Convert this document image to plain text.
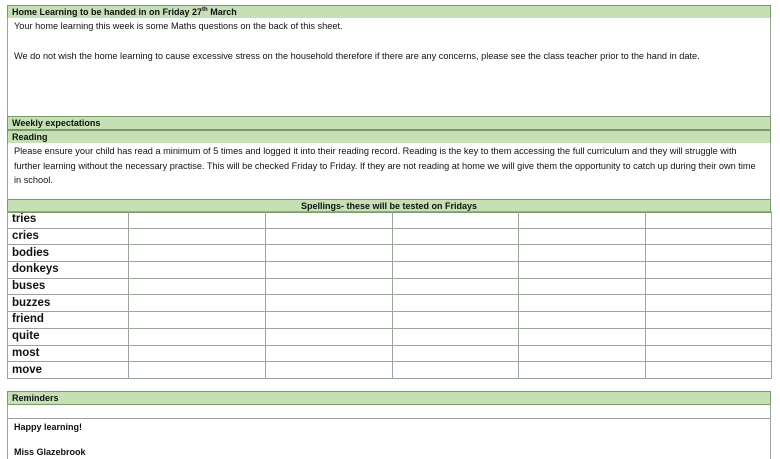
Home Learning to be handed in on Friday 27th March
Your home learning this week is some Maths questions on the back of this sheet.
We do not wish the home learning to cause excessive stress on the household therefore if there are any concerns, please see the class teacher prior to the hand in date.
Weekly expectations
Reading
Please ensure your child has read a minimum of 5 times and logged it into their reading record. Reading is the key to them accessing the full curriculum and they will struggle with further learning without the necessary practise. This will be checked Friday to Friday. If they are not reading at home we will give them the opportunity to catch up during their own time in school.
Spellings- these will be tested on Fridays
tries					
cries					
bodies					
donkeys					
buses					
buzzes					
friend					
quite					
most					
move					
Reminders
Happy learning!
Miss Glazebrook
